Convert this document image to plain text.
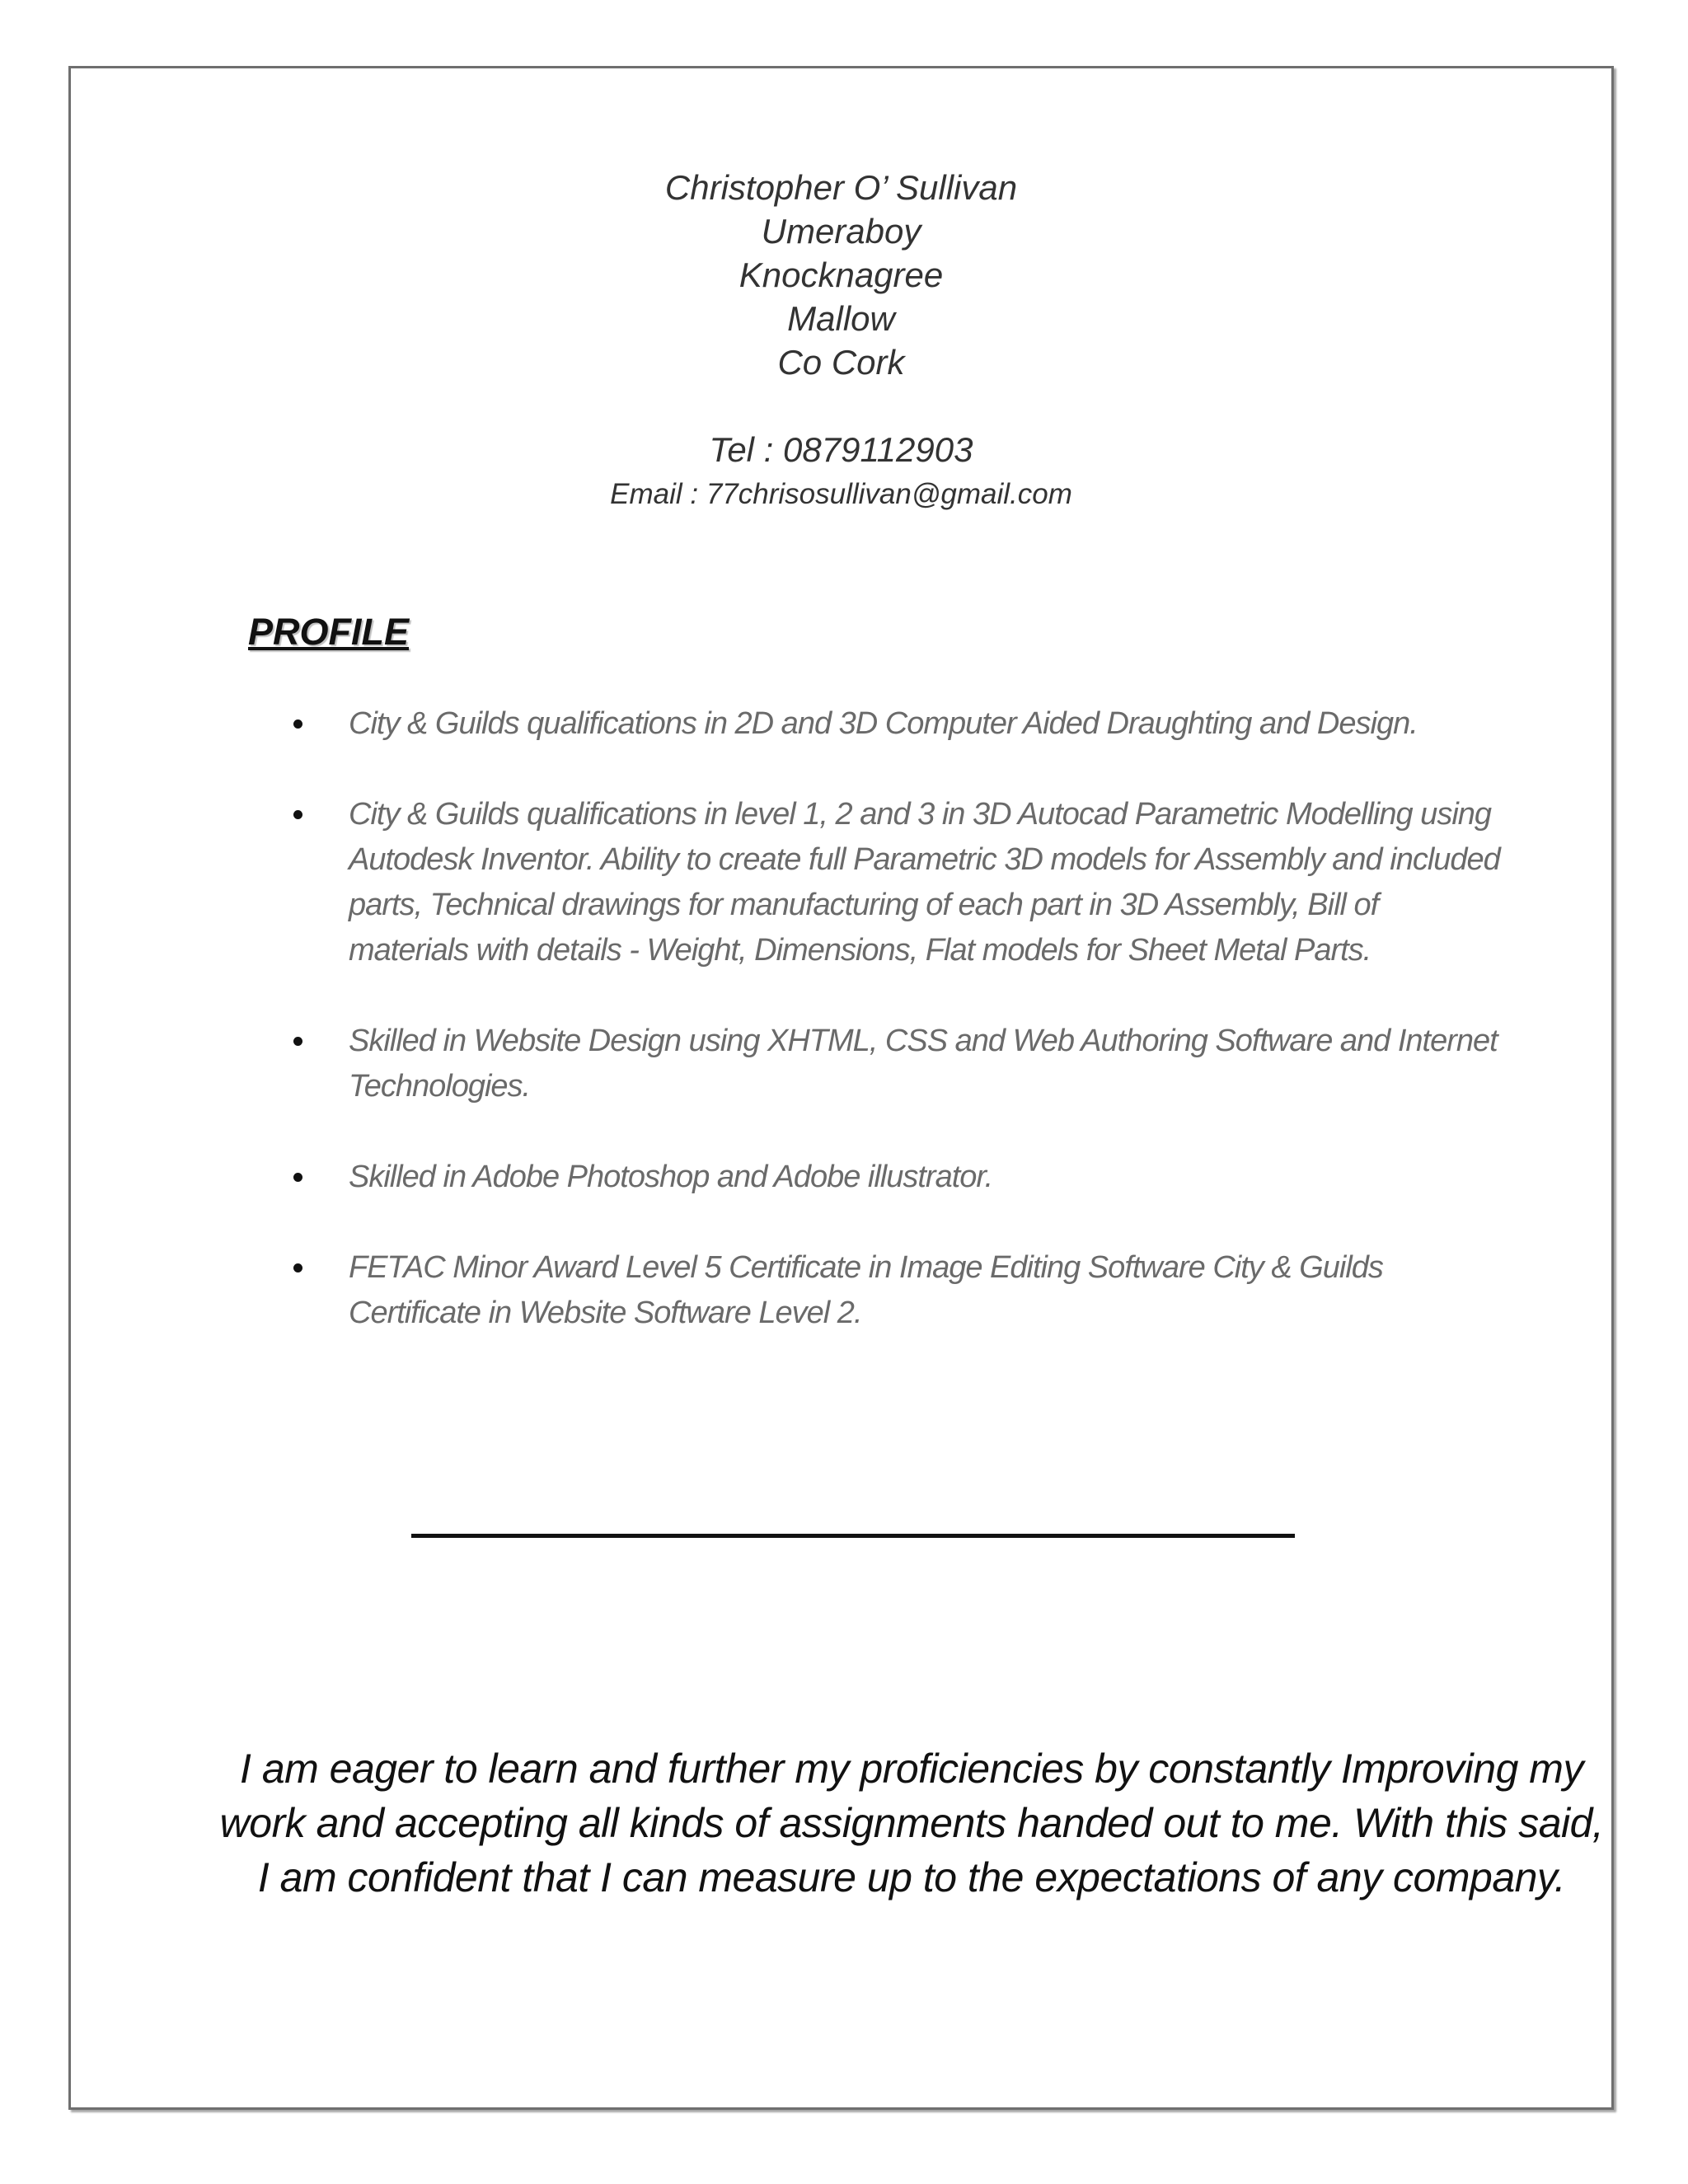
Christopher O’ Sullivan
Umeraboy
Knocknagree
Mallow
Co Cork
Tel : 0879112903
Email : 77chrisosullivan@gmail.com
PROFILE
City & Guilds qualifications in 2D and 3D Computer Aided Draughting and Design.
City & Guilds qualifications in level 1, 2 and 3 in 3D Autocad Parametric Modelling using Autodesk Inventor. Ability to create full Parametric 3D models for Assembly and included parts, Technical drawings for manufacturing of each part in 3D Assembly, Bill of materials with details - Weight, Dimensions, Flat models for Sheet Metal Parts.
Skilled in Website Design using XHTML, CSS and Web Authoring Software and Internet Technologies.
Skilled in Adobe Photoshop and Adobe illustrator.
FETAC Minor Award Level 5 Certificate in Image Editing Software City & Guilds Certificate in Website Software Level 2.

I am eager to learn and further my proficiencies by constantly Improving my work and accepting all kinds of assignments handed out to me. With this said, I am confident that I can measure up to the expectations of any company.
